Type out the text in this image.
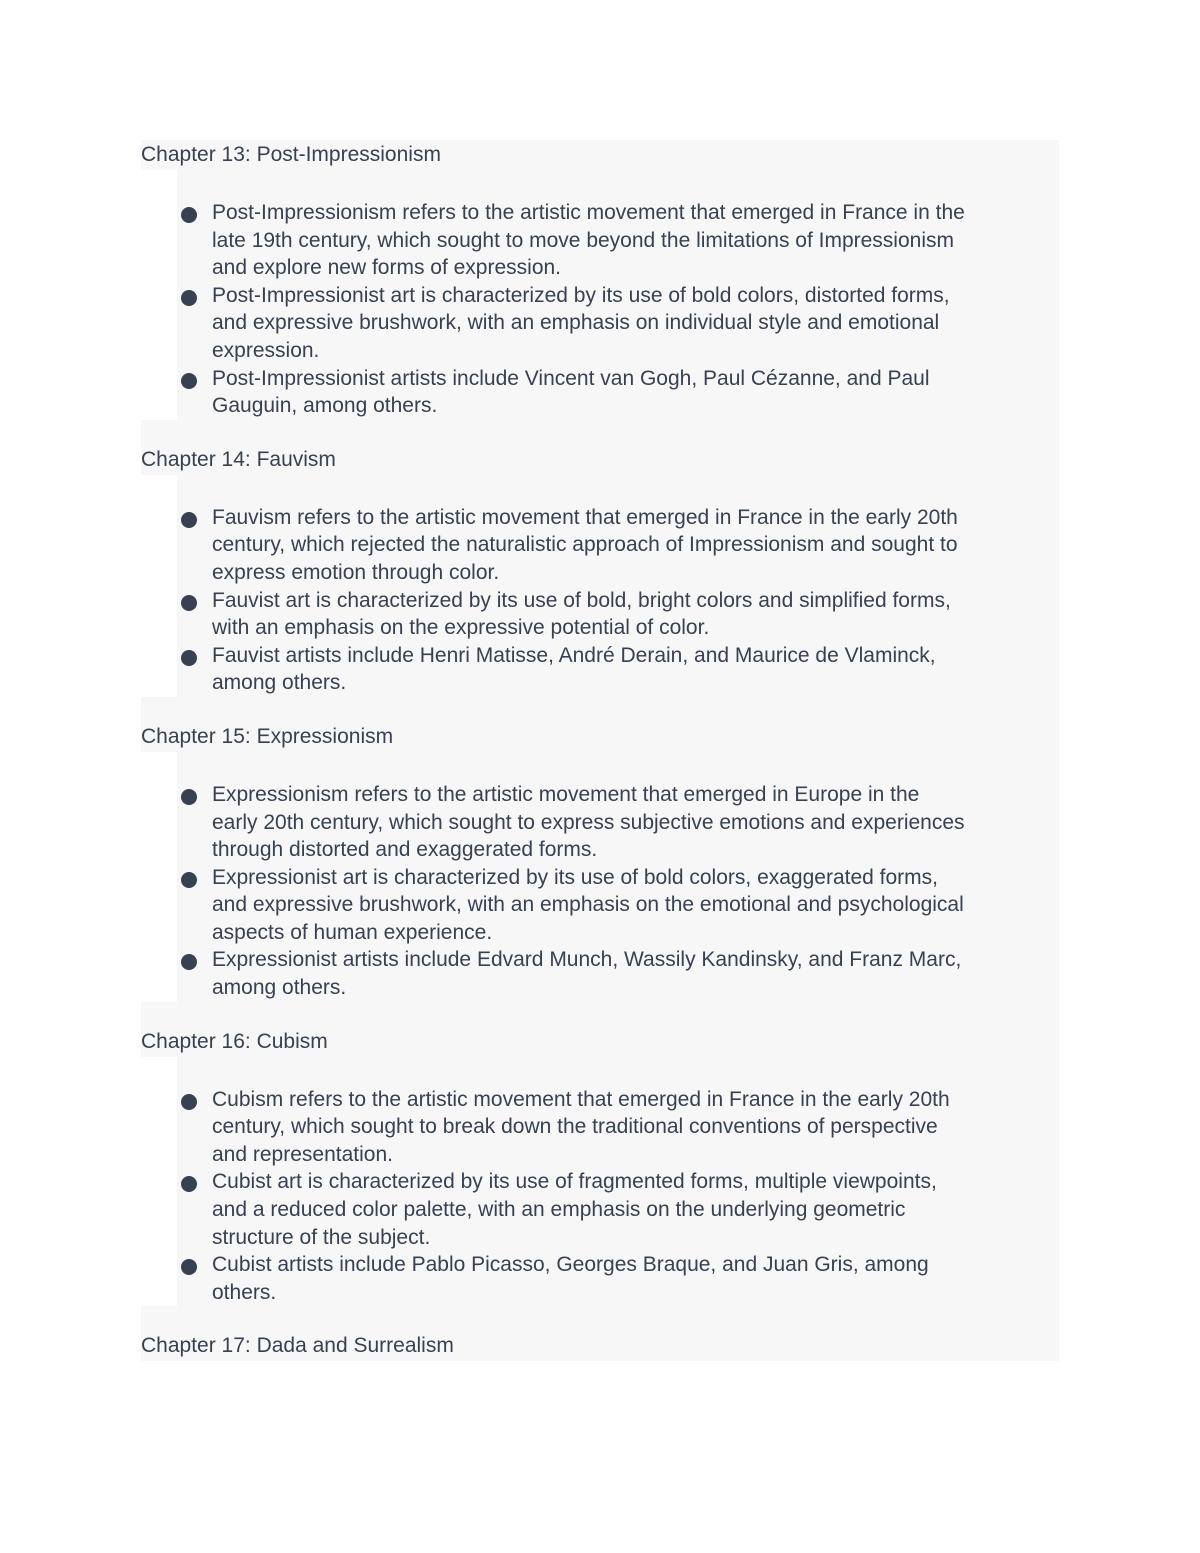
Chapter 13: Post-Impressionism
Post-Impressionism refers to the artistic movement that emerged in France in the
late 19th century, which sought to move beyond the limitations of Impressionism
and explore new forms of expression.
Post-Impressionist art is characterized by its use of bold colors, distorted forms,
and expressive brushwork, with an emphasis on individual style and emotional
expression.
Post-Impressionist artists include Vincent van Gogh, Paul Cézanne, and Paul
Gauguin, among others.
Chapter 14: Fauvism
Fauvism refers to the artistic movement that emerged in France in the early 20th
century, which rejected the naturalistic approach of Impressionism and sought to
express emotion through color.
Fauvist art is characterized by its use of bold, bright colors and simplified forms,
with an emphasis on the expressive potential of color.
Fauvist artists include Henri Matisse, André Derain, and Maurice de Vlaminck,
among others.
Chapter 15: Expressionism
Expressionism refers to the artistic movement that emerged in Europe in the
early 20th century, which sought to express subjective emotions and experiences
through distorted and exaggerated forms.
Expressionist art is characterized by its use of bold colors, exaggerated forms,
and expressive brushwork, with an emphasis on the emotional and psychological
aspects of human experience.
Expressionist artists include Edvard Munch, Wassily Kandinsky, and Franz Marc,
among others.
Chapter 16: Cubism
Cubism refers to the artistic movement that emerged in France in the early 20th
century, which sought to break down the traditional conventions of perspective
and representation.
Cubist art is characterized by its use of fragmented forms, multiple viewpoints,
and a reduced color palette, with an emphasis on the underlying geometric
structure of the subject.
Cubist artists include Pablo Picasso, Georges Braque, and Juan Gris, among
others.
Chapter 17: Dada and Surrealism
